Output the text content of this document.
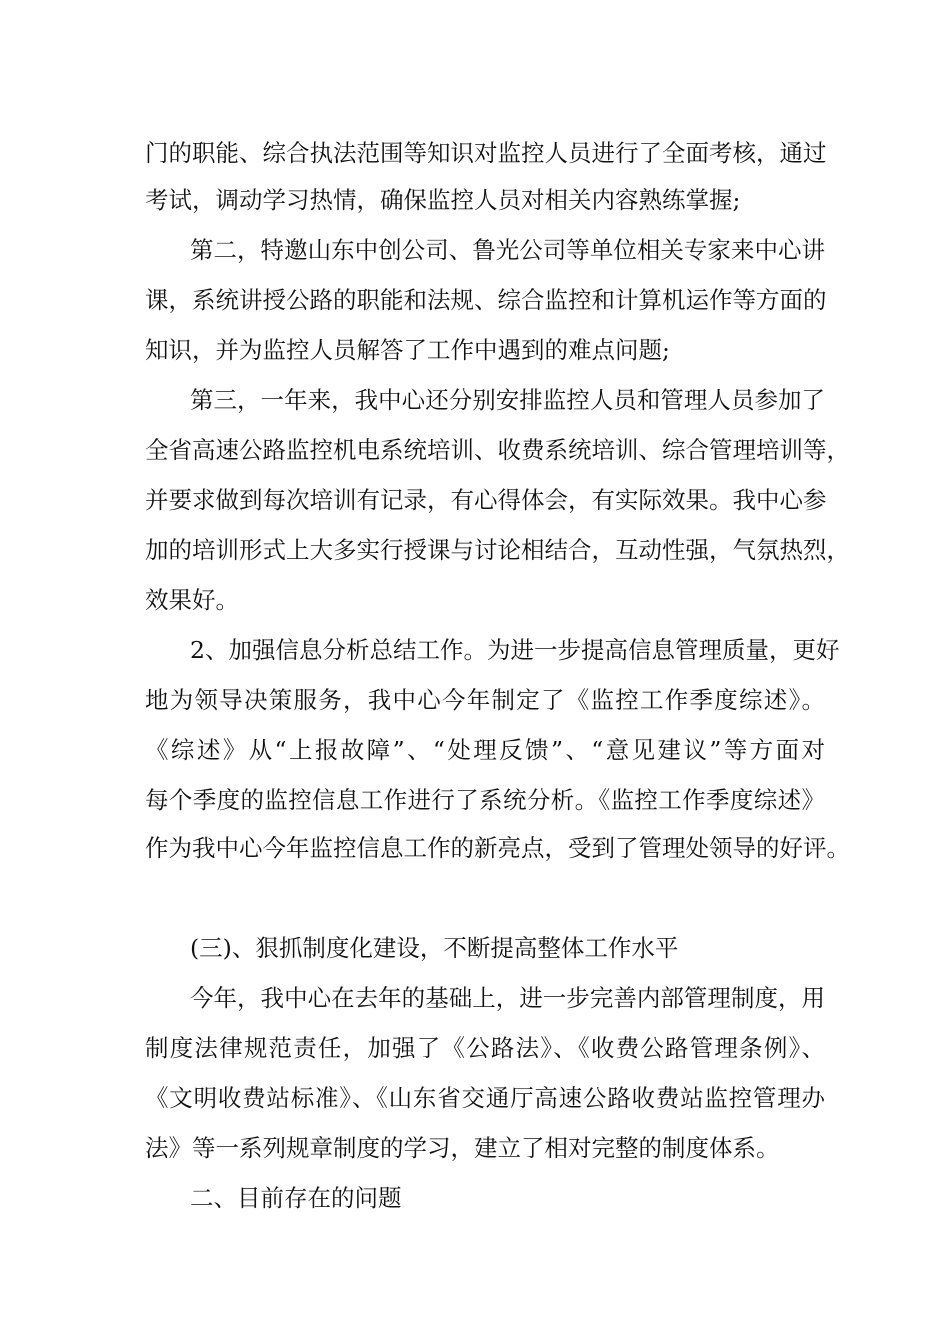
门的职能、综合执法范围等知识对监控人员进行了全面考核，通过
考试，调动学习热情，确保监控人员对相关内容熟练掌握;
第二，特邀山东中创公司、鲁光公司等单位相关专家来中心讲
课，系统讲授公路的职能和法规、综合监控和计算机运作等方面的
知识，并为监控人员解答了工作中遇到的难点问题;
第三，一年来，我中心还分别安排监控人员和管理人员参加了
全省高速公路监控机电系统培训、收费系统培训、综合管理培训等，
并要求做到每次培训有记录，有心得体会，有实际效果。我中心参
加的培训形式上大多实行授课与讨论相结合，互动性强，气氛热烈，
效果好。
2、加强信息分析总结工作。为进一步提高信息管理质量，更好
地为领导决策服务，我中心今年制定了《监控工作季度综述》。
《综述》从“上报故障”、“处理反馈”、“意见建议”等方面对
每个季度的监控信息工作进行了系统分析。《监控工作季度综述》
作为我中心今年监控信息工作的新亮点，受到了管理处领导的好评。
(三)、狠抓制度化建设，不断提高整体工作水平
今年，我中心在去年的基础上，进一步完善内部管理制度，用
制度法律规范责任，加强了《公路法》、《收费公路管理条例》、
《文明收费站标准》、《山东省交通厅高速公路收费站监控管理办
法》等一系列规章制度的学习，建立了相对完整的制度体系。
二、目前存在的问题
